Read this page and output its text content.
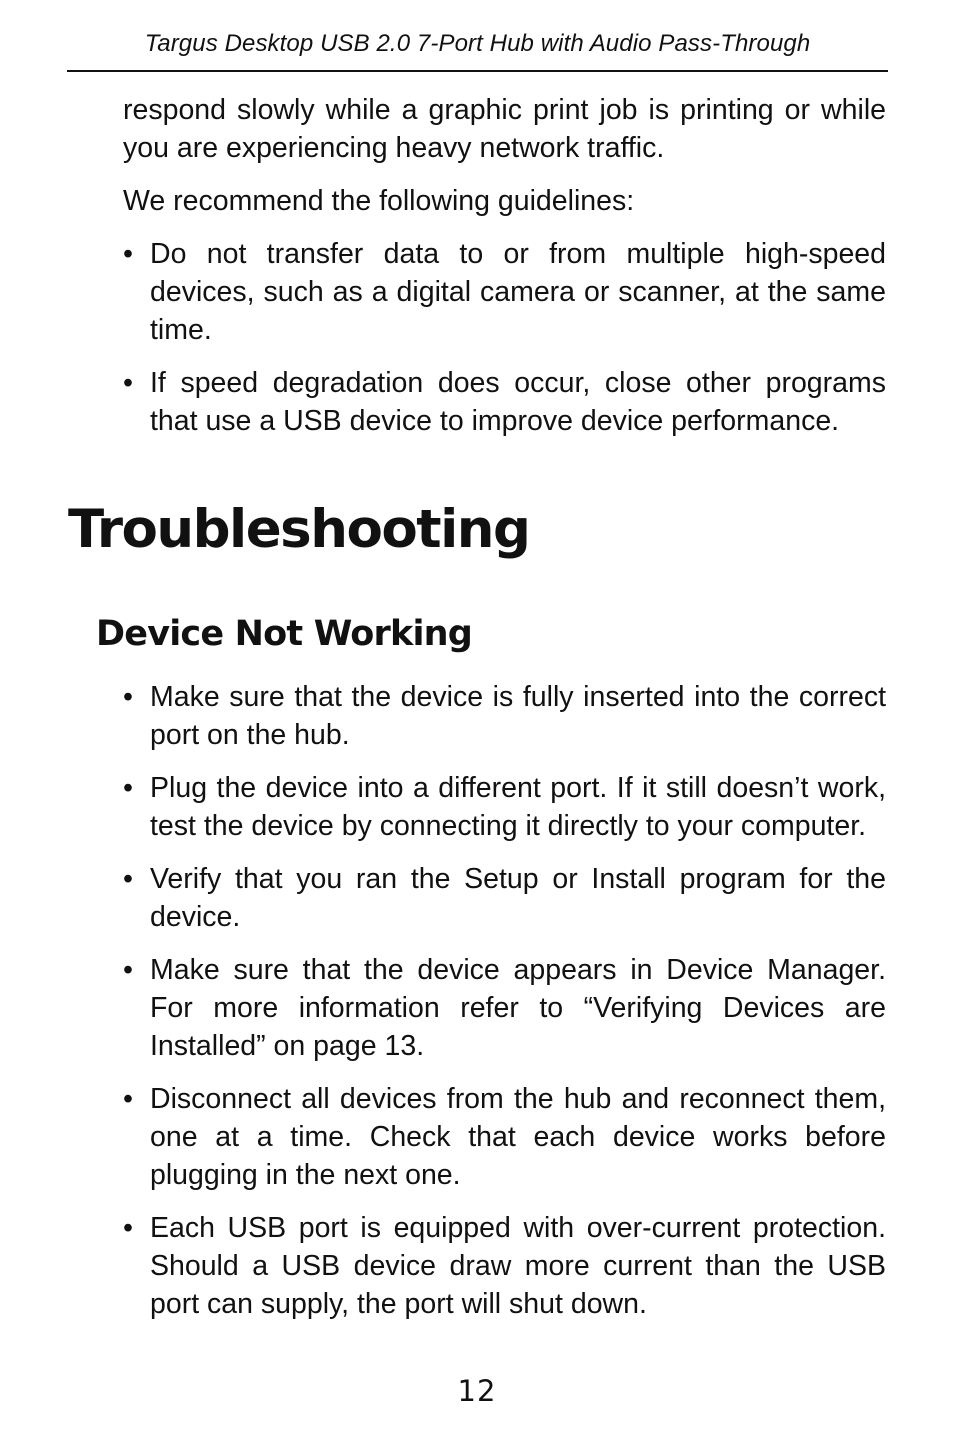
Targus Desktop USB 2.0 7-Port Hub with Audio Pass-Through

respond slowly while a graphic print job is printing or while you are experiencing heavy network traffic.

We recommend the following guidelines:

• Do not transfer data to or from multiple high-speed devices, such as a digital camera or scanner, at the same time.
• If speed degradation does occur, close other programs that use a USB device to improve device performance.
Troubleshooting
Device Not Working
• Make sure that the device is fully inserted into the correct port on the hub.
• Plug the device into a different port. If it still doesn’t work, test the device by connecting it directly to your computer.
• Verify that you ran the Setup or Install program for the device.
• Make sure that the device appears in Device Manager. For more information refer to “Verifying Devices are Installed” on page 13.
• Disconnect all devices from the hub and reconnect them, one at a time. Check that each device works before plugging in the next one.
• Each USB port is equipped with over-current protection. Should a USB device draw more current than the USB port can supply, the port will shut down.
12
